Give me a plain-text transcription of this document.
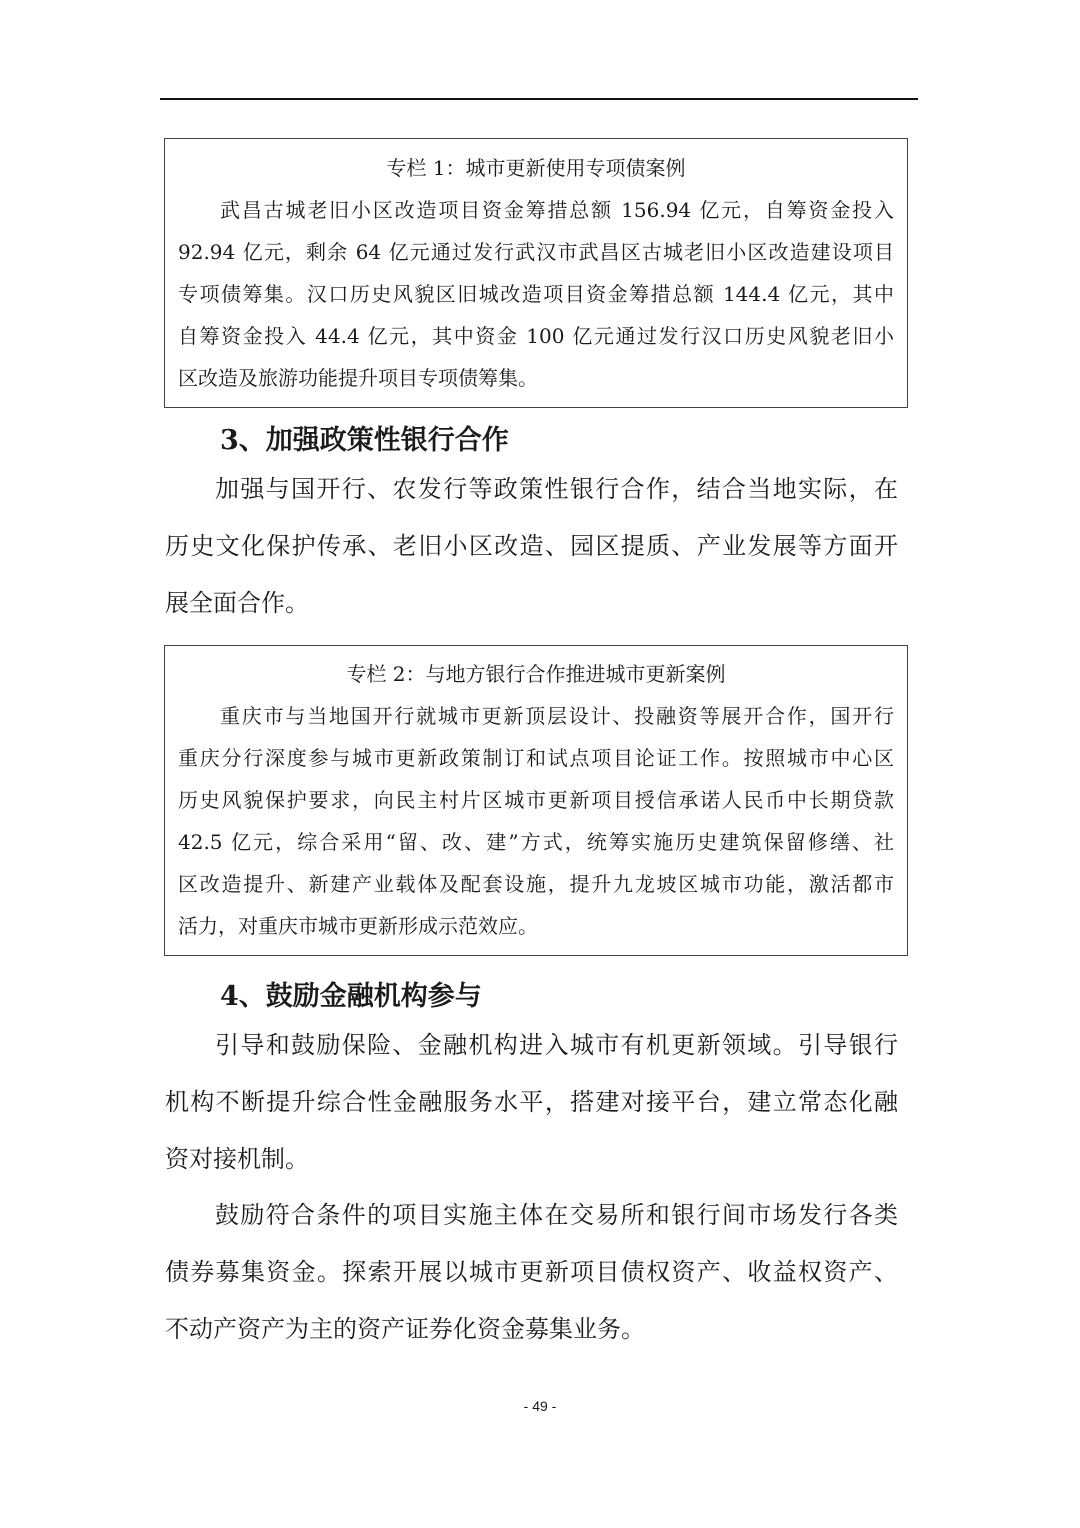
专栏 1：城市更新使用专项债案例
武昌古城老旧小区改造项目资金筹措总额 156.94 亿元，自筹资金投入
92.94 亿元，剩余 64 亿元通过发行武汉市武昌区古城老旧小区改造建设项目
专项债筹集。汉口历史风貌区旧城改造项目资金筹措总额 144.4 亿元，其中
自筹资金投入 44.4 亿元，其中资金 100 亿元通过发行汉口历史风貌老旧小
区改造及旅游功能提升项目专项债筹集。
3、加强政策性银行合作
加强与国开行、农发行等政策性银行合作，结合当地实际，在
历史文化保护传承、老旧小区改造、园区提质、产业发展等方面开
展全面合作。
专栏 2：与地方银行合作推进城市更新案例
重庆市与当地国开行就城市更新顶层设计、投融资等展开合作，国开行
重庆分行深度参与城市更新政策制订和试点项目论证工作。按照城市中心区
历史风貌保护要求，向民主村片区城市更新项目授信承诺人民币中长期贷款
42.5 亿元，综合采用“留、改、建”方式，统筹实施历史建筑保留修缮、社
区改造提升、新建产业载体及配套设施，提升九龙坡区城市功能，激活都市
活力，对重庆市城市更新形成示范效应。
4、鼓励金融机构参与
引导和鼓励保险、金融机构进入城市有机更新领域。引导银行
机构不断提升综合性金融服务水平，搭建对接平台，建立常态化融
资对接机制。
鼓励符合条件的项目实施主体在交易所和银行间市场发行各类
债券募集资金。探索开展以城市更新项目债权资产、收益权资产、
不动产资产为主的资产证券化资金募集业务。
- 49 -
